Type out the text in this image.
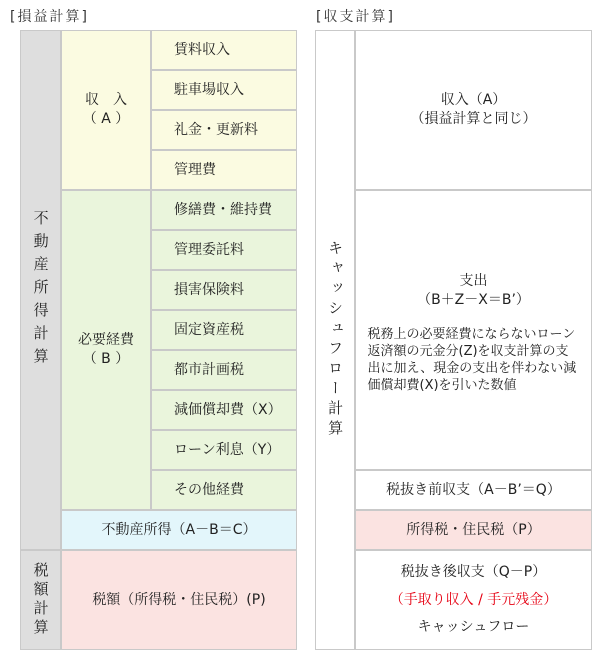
[損益計算]	[収支計算]
不動産所得計算
収　入
（ A ）
賃料収入
駐車場収入
礼金・更新料
管理費
必要経費
（ B ）
修繕費・維持費
管理委託料
損害保険料
固定資産税
都市計画税
減価償却費（X）
ローン利息（Y）
その他経費
不動産所得（A－B＝C）
税額計算	税額（所得税・住民税）(P)
キャッシュフロー計算
収入（A）
（損益計算と同じ）
支出
（B＋Z－X＝B’）
税務上の必要経費にならないローン返済額の元金分(Z)を収支計算の支出に加え、現金の支出を伴わない減価償却費(X)を引いた数値
税抜き前収支（A－B’＝Q）
所得税・住民税（P）
税抜き後収支（Q－P）
（手取り収入 / 手元残金）
キャッシュフロー
